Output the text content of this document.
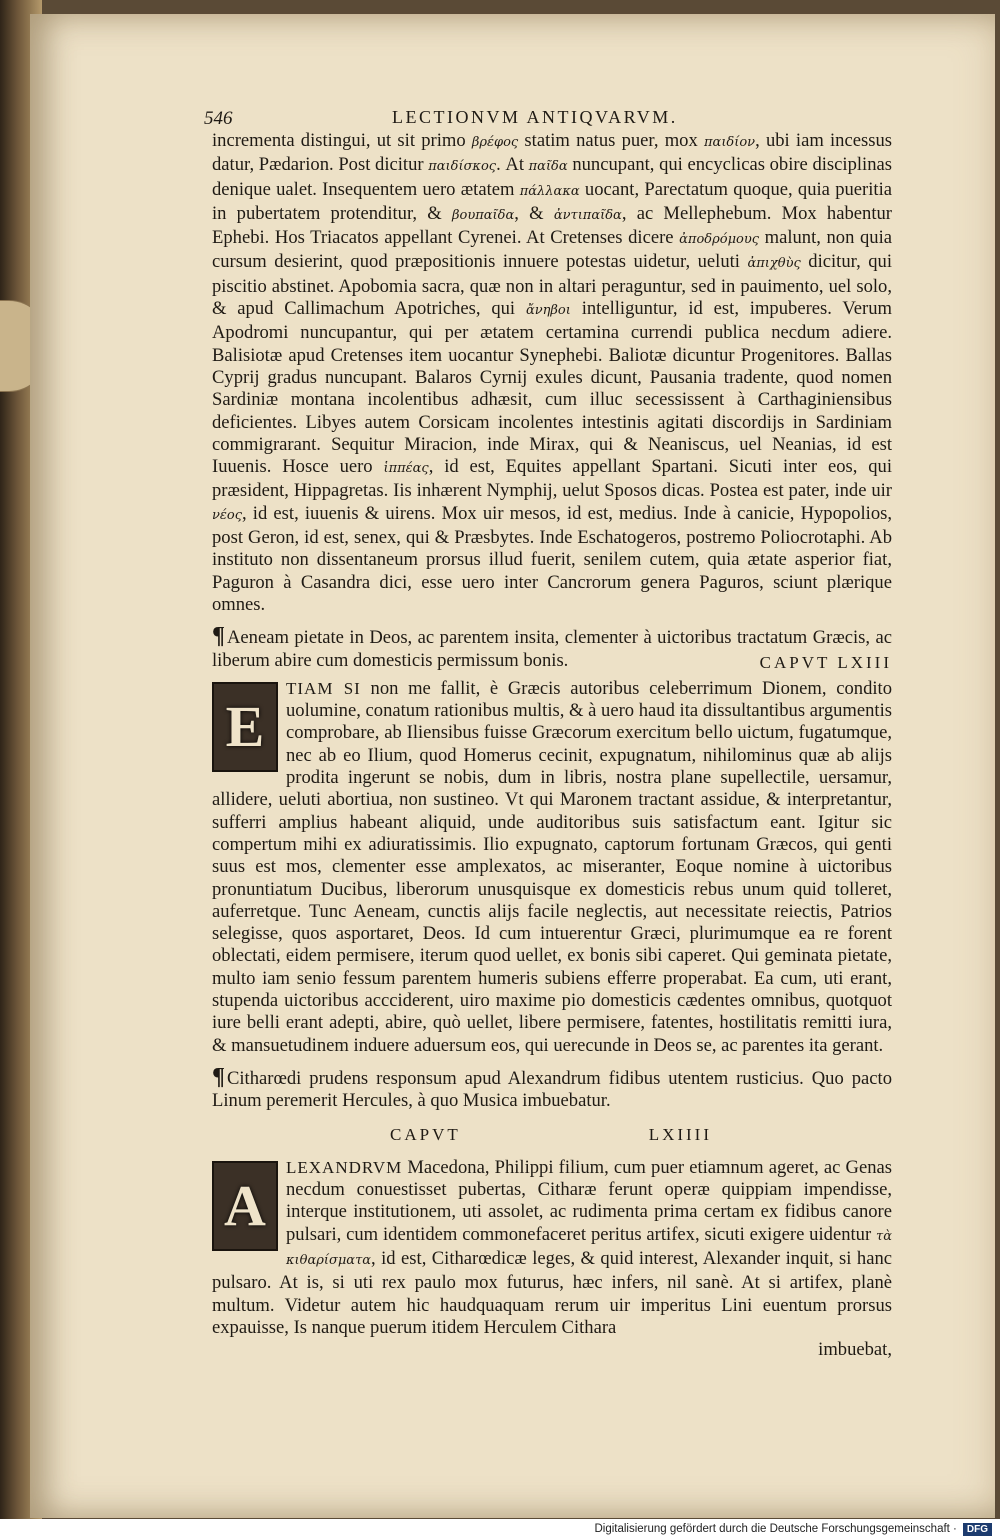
546	LECTIONVM ANTIQVARVM.

incrementa distingui, ut sit primo βρέφος statim natus puer, mox παιδίον, ubi iam incessus datur, Pædarion. Post dicitur παιδίσκος. At παῖδα nuncupant, qui encyclicas obire disciplinas denique ualet. Insequentem uero ætatem πάλλακα uocant, Parectatum quoque, quia pueritia in pubertatem protenditur, & βουπαῖδα, & ἀντιπαῖδα, ac Mellephebum. Mox habentur Ephebi. Hos Triacatos appellant Cyrenei. At Cretenses dicere ἀποδρόμους malunt, non quia cursum desierint, quod præpositionis innuere potestas uidetur, ueluti ἀπιχθὺς dicitur, qui piscitio abstinet. Apobomia sacra, quæ non in altari peraguntur, sed in pauimento, uel solo, & apud Callimachum Apotriches, qui ἄνηβοι intelliguntur, id est, impuberes. Verum Apodromi nuncupantur, qui per ætatem certamina currendi publica necdum adiere. Balisiotæ apud Cretenses item uocantur Synephebi. Baliotæ dicuntur Progenitores. Ballas Cyprij gradus nuncupant. Balaros Cyrnij exules dicunt, Pausania tradente, quod nomen Sardiniæ montana incolentibus adhæsit, cum illuc secessissent à Carthaginiensibus deficientes. Libyes autem Corsicam incolentes intestinis agitati discordijs in Sardiniam commigrarant. Sequitur Miracion, inde Mirax, qui & Neaniscus, uel Neanias, id est Iuuenis. Hosce uero ἱππέας, id est, Equites appellant Spartani. Sicuti inter eos, qui præsident, Hippagretas. Iis inhærent Nymphij, uelut Sposos dicas. Postea est pater, inde uir νέος, id est, iuuenis & uirens. Mox uir mesos, id est, medius. Inde à canicie, Hypopolios, post Geron, id est, senex, qui & Præsbytes. Inde Eschatogeros, postremo Poliocrotaphi. Ab instituto non dissentaneum prorsus illud fuerit, senilem cutem, quia ætate asperior fiat, Paguron à Casandra dici, esse uero inter Cancrorum genera Paguros, sciunt plærique omnes.

¶ Aeneam pietate in Deos, ac parentem insita, clementer à uictoribus tractatum Græcis, ac liberum abire cum domesticis permissum bonis.	CAPVT LXIII

E

TIAM SI non me fallit, è Græcis autoribus celeberrimum Dionem, condito uolumine, conatum rationibus multis, & à uero haud ita dissultantibus argumentis comprobare, ab Iliensibus fuisse Græcorum exercitum bello uictum, fugatumque, nec ab eo Ilium, quod Homerus cecinit, expugnatum, nihilominus quæ ab alijs prodita ingerunt se nobis, dum in libris, nostra plane supellectile, uersamur, allidere, ueluti abortiua, non sustineo. Vt qui Maronem tractant assidue, & interpretantur, sufferri amplius habeant aliquid, unde auditoribus suis satisfactum eant. Igitur sic compertum mihi ex adiuratissimis. Ilio expugnato, captorum fortunam Græcos, qui genti suus est mos, clementer esse amplexatos, ac miseranter, Eoque nomine à uictoribus pronuntiatum Ducibus, liberorum unusquisque ex domesticis rebus unum quid tolleret, auferretque. Tunc Aeneam, cunctis alijs facile neglectis, aut necessitate reiectis, Patrios selegisse, quos asportaret, Deos. Id cum intuerentur Græci, plurimumque ea re forent oblectati, eidem permisere, iterum quod uellet, ex bonis sibi caperet. Qui geminata pietate, multo iam senio fessum parentem humeris subiens efferre properabat. Ea cum, uti erant, stupenda uictoribus accciderent, uiro maxime pio domesticis cædentes omnibus, quotquot iure belli erant adepti, abire, quò uellet, libere permisere, fatentes, hostilitatis remitti iura, & mansuetudinem induere aduersum eos, qui uerecunde in Deos se, ac parentes ita gerant.

¶ Citharœdi prudens responsum apud Alexandrum fidibus utentem rusticius. Quo pacto Linum peremerit Hercules, à quo Musica imbuebatur.

CAPVT	LXIIII
A

LEXANDRVM Macedona, Philippi filium, cum puer etiamnum ageret, ac Genas necdum conuestisset pubertas, Citharæ ferunt operæ quippiam impendisse, interque institutionem, uti assolet, ac rudimenta prima certam ex fidibus canore pulsari, cum identidem commonefaceret peritus artifex, sicuti exigere uidentur τὰ κιθαρίσματα, id est, Citharœdicæ leges, & quid interest, Alexander inquit, si hanc pulsaro. At is, si uti rex paulo mox futurus, hæc infers, nil sanè. At si artifex, planè multum. Videtur autem hic haudquaquam rerum uir imperitus Lini euentum prorsus expauisse, Is nanque puerum itidem Herculem Cithara

imbuebat,

Digitalisierung gefördert durch die Deutsche Forschungsgemeinschaft ·	DFG
